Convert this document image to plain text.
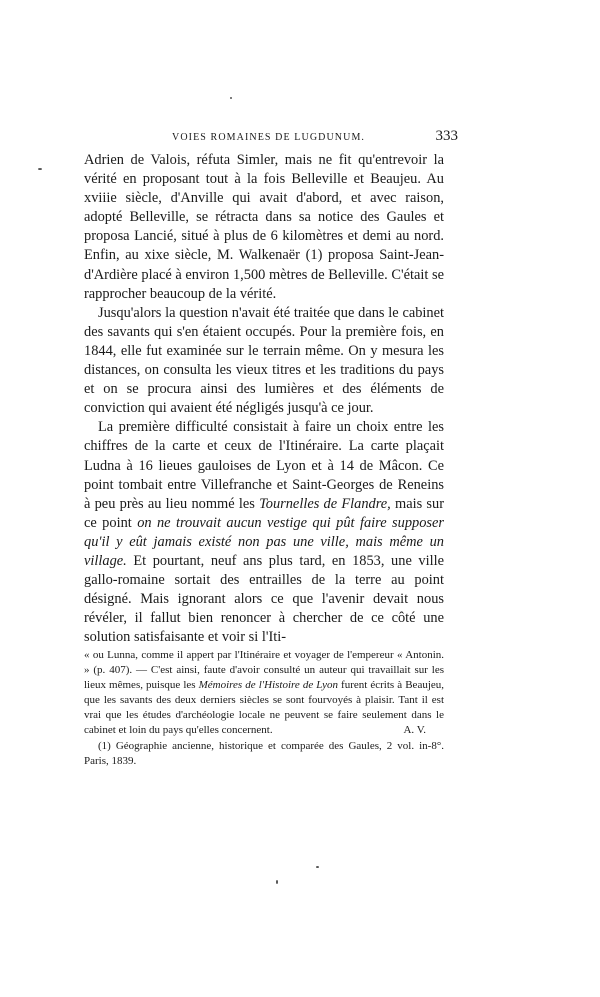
VOIES ROMAINES DE LUGDUNUM.	333

Adrien de Valois, réfuta Simler, mais ne fit qu'entrevoir la vérité en proposant tout à la fois Belleville et Beaujeu. Au xviiie siècle, d'Anville qui avait d'abord, et avec raison, adopté Belleville, se rétracta dans sa notice des Gaules et proposa Lancié, situé à plus de 6 kilomètres et demi au nord. Enfin, au xixe siècle, M. Walkenaër (1) proposa Saint-Jean-d'Ardière placé à environ 1,500 mètres de Belleville. C'était se rapprocher beaucoup de la vérité.

Jusqu'alors la question n'avait été traitée que dans le cabinet des savants qui s'en étaient occupés. Pour la première fois, en 1844, elle fut examinée sur le terrain même. On y mesura les distances, on consulta les vieux titres et les traditions du pays et on se procura ainsi des lumières et des éléments de conviction qui avaient été négligés jusqu'à ce jour.

La première difficulté consistait à faire un choix entre les chiffres de la carte et ceux de l'Itinéraire. La carte plaçait Ludna à 16 lieues gauloises de Lyon et à 14 de Mâcon. Ce point tombait entre Villefranche et Saint-Georges de Reneins à peu près au lieu nommé les Tournelles de Flandre, mais sur ce point on ne trouvait aucun vestige qui pût faire supposer qu'il y eût jamais existé non pas une ville, mais même un village. Et pourtant, neuf ans plus tard, en 1853, une ville gallo-romaine sortait des entrailles de la terre au point désigné. Mais ignorant alors ce que l'avenir devait nous révéler, il fallut bien renoncer à chercher de ce côté une solution satisfaisante et voir si l'Iti-

« ou Lunna, comme il appert par l'Itinéraire et voyager de l'empereur « Antonin. » (p. 407). — C'est ainsi, faute d'avoir consulté un auteur qui travaillait sur les lieux mêmes, puisque les Mémoires de l'Histoire de Lyon furent écrits à Beaujeu, que les savants des deux derniers siècles se sont fourvoyés à plaisir. Tant il est vrai que les études d'archéologie locale ne peuvent se faire seulement dans le cabinet et loin du pays qu'elles concernent.	A. V.

(1) Géographie ancienne, historique et comparée des Gaules, 2 vol. in-8°. Paris, 1839.
